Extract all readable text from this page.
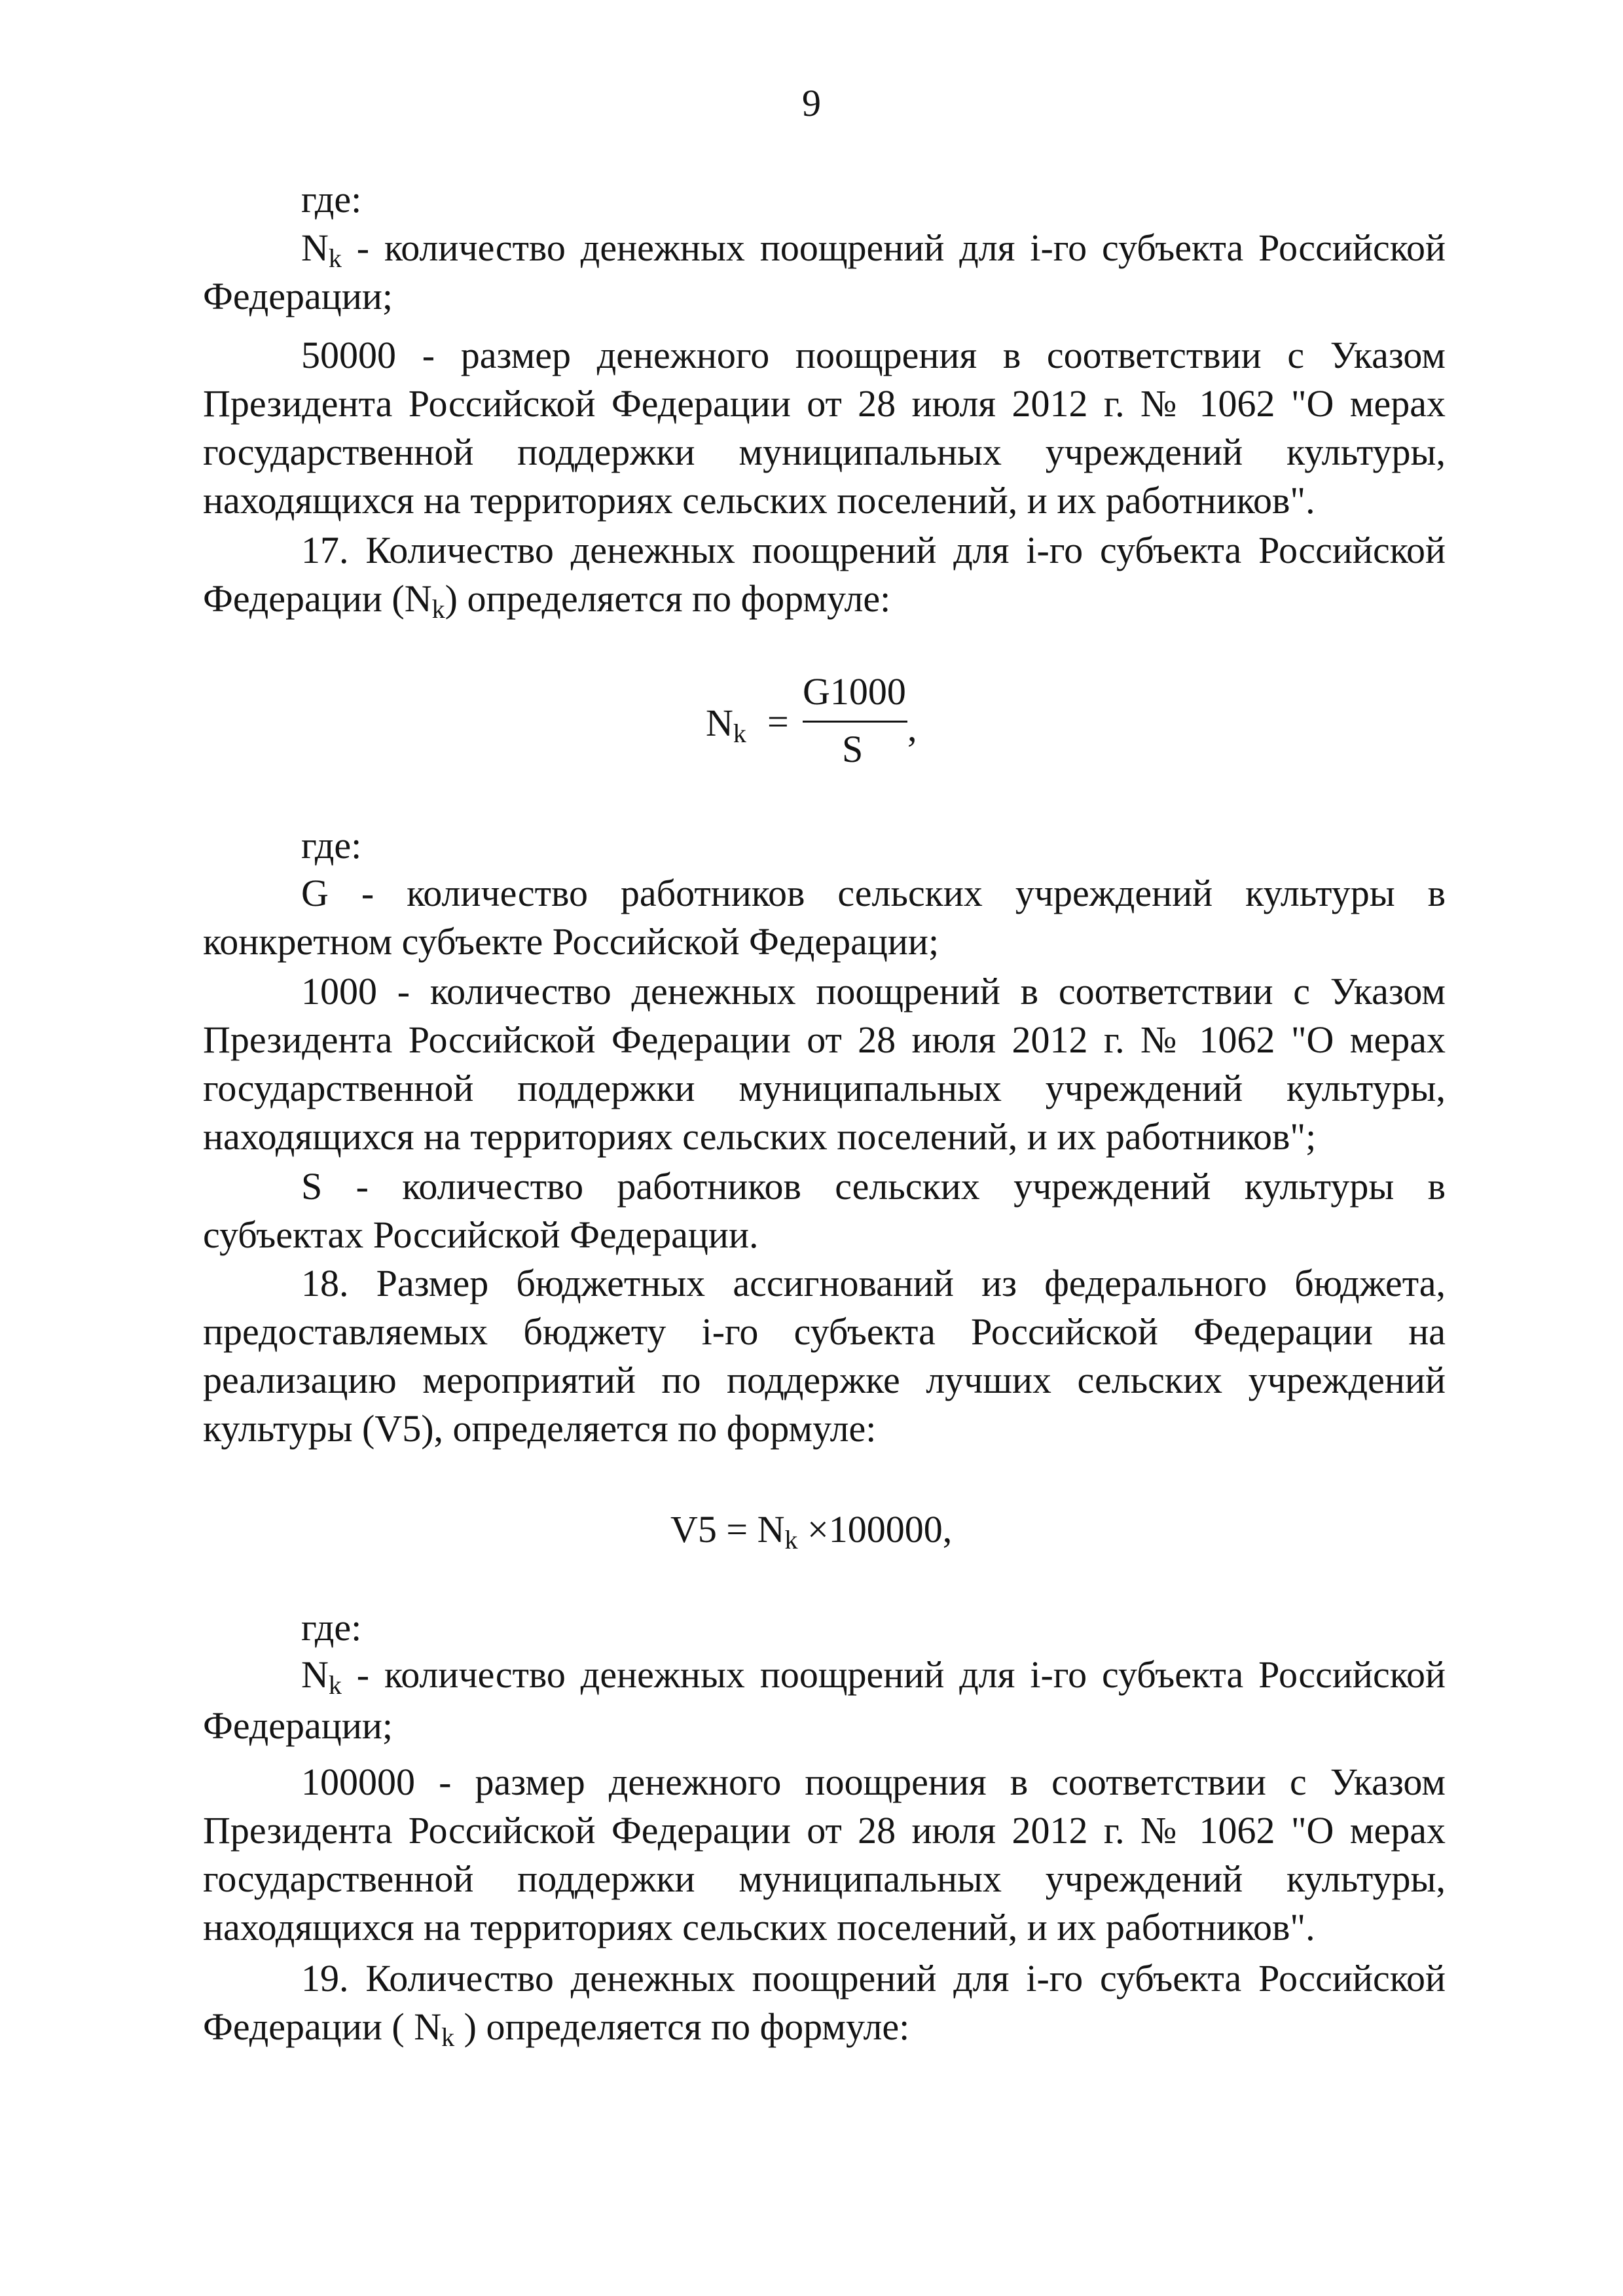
9
где:
$N_k$ - количество денежных поощрений для i-го субъекта Российской
Федерации;
50000 - размер денежного поощрения в соответствии с Указом
Президента Российской Федерации от 28 июля 2012 г. № 1062 "О мерах
государственной поддержки муниципальных учреждений культуры,
находящихся на территориях сельских поселений, и их работников".
17. Количество денежных поощрений для i-го субъекта Российской
Федерации $(N_k)$ определяется по формуле:
$N_k$ =
G1000
S ,
где:
G - количество работников сельских учреждений культуры в
конкретном субъекте Российской Федерации;
1000 - количество денежных поощрений в соответствии с Указом
Президента Российской Федерации от 28 июля 2012 г. № 1062 "О мерах
государственной поддержки муниципальных учреждений культуры,
находящихся на территориях сельских поселений, и их работников";
S - количество работников сельских учреждений культуры в
субъектах Российской Федерации.
18. Размер бюджетных ассигнований из федерального бюджета,
предоставляемых бюджету i-го субъекта Российской Федерации на
реализацию мероприятий по поддержке лучших сельских учреждений
культуры (V5), определяется по формуле:
$V5 = N_k \times 100000$,
где:
$N_k$ - количество денежных поощрений для i-го субъекта Российской
Федерации;
100000 - размер денежного поощрения в соответствии с Указом
Президента Российской Федерации от 28 июля 2012 г. № 1062 "О мерах
государственной поддержки муниципальных учреждений культуры,
находящихся на территориях сельских поселений, и их работников".
19. Количество денежных поощрений для i-го субъекта Российской
Федерации ( $N_k$ ) определяется по формуле:
